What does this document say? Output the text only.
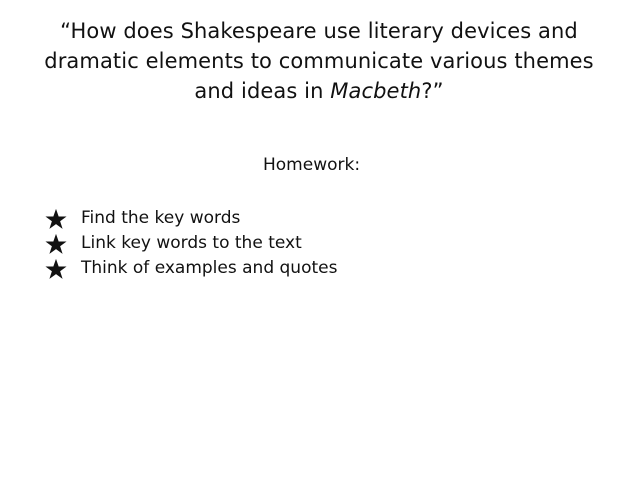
“How does Shakespeare use literary devices and
dramatic elements to communicate various themes
and ideas in Macbeth?”
Homework:
Find the key words
Link key words to the text
Think of examples and quotes
